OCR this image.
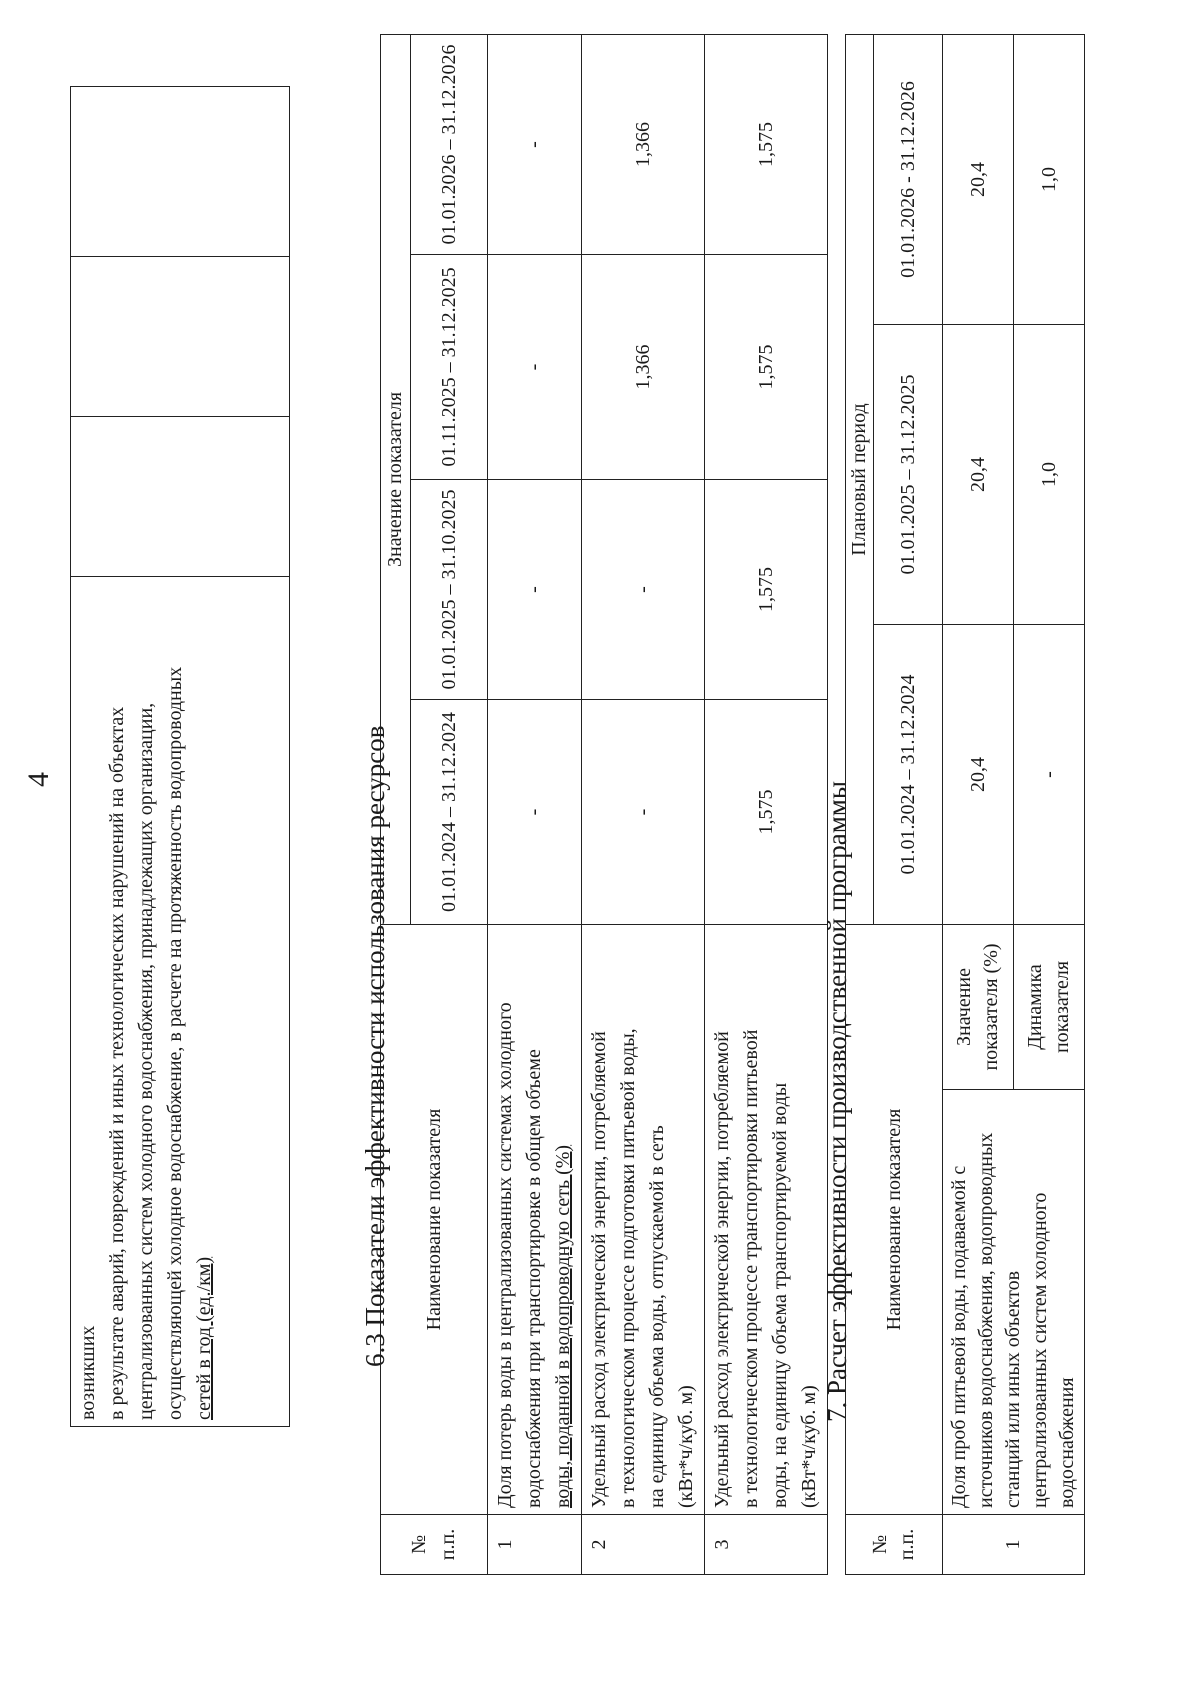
4
возникших в результате аварий, повреждений и иных технологических нарушений на объектах централизованных систем холодного водоснабжения, принадлежащих организации, осуществляющей холодное водоснабжение, в расчете на протяженность водопроводных сетей в год (ед./км)
				6.3 Показатели эффективности использования ресурсов
№ п.п.	Наименование показателя	Значение показателя			
		01.01.2024 – 31.12.2024	01.01.2025 – 31.10.2025	01.11.2025 – 31.12.2025	01.01.2026 – 31.12.2026
1	Доля потерь воды в централизованных системах холодного водоснабжения при транспортировке в общем объеме воды, поданной в водопроводную сеть (%)	-	-	-	-
2	Удельный расход электрической энергии, потребляемой в технологическом процессе подготовки питьевой воды, на единицу объема воды, отпускаемой в сеть (кВт*ч/куб. м)	-	-	1,366	1,366
3	Удельный расход электрической энергии, потребляемой в технологическом процессе транспортировки питьевой воды, на единицу объема транспортируемой воды (кВт*ч/куб. м)	1,575	1,575	1,575	1,575
7. Расчет эффективности производственной программы
№ п.п.	Наименование показателя		Плановый период		
			01.01.2024 – 31.12.2024	01.01.2025 – 31.12.2025	01.01.2026 - 31.12.2026
1	Доля проб питьевой воды, подаваемой с источников водоснабжения, водопроводных станций или иных объектов централизованных систем холодного водоснабжения	Значение показателя (%)	20,4	20,4	20,4
		Динамика показателя	-	1,0	1,0
